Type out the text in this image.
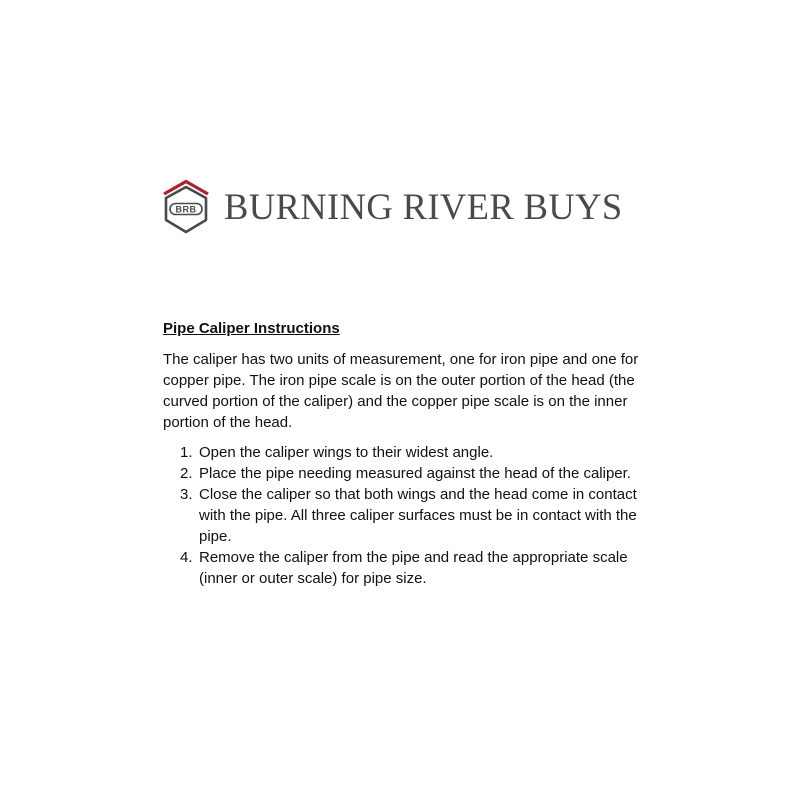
BRB BURNING RIVER BUYS
Pipe Caliper Instructions
The caliper has two units of measurement, one for iron pipe and one for copper pipe. The iron pipe scale is on the outer portion of the head (the curved portion of the caliper) and the copper pipe scale is on the inner portion of the head.
1. Open the caliper wings to their widest angle.
2. Place the pipe needing measured against the head of the caliper.
3. Close the caliper so that both wings and the head come in contact with the pipe. All three caliper surfaces must be in contact with the pipe.
4. Remove the caliper from the pipe and read the appropriate scale (inner or outer scale) for pipe size.
